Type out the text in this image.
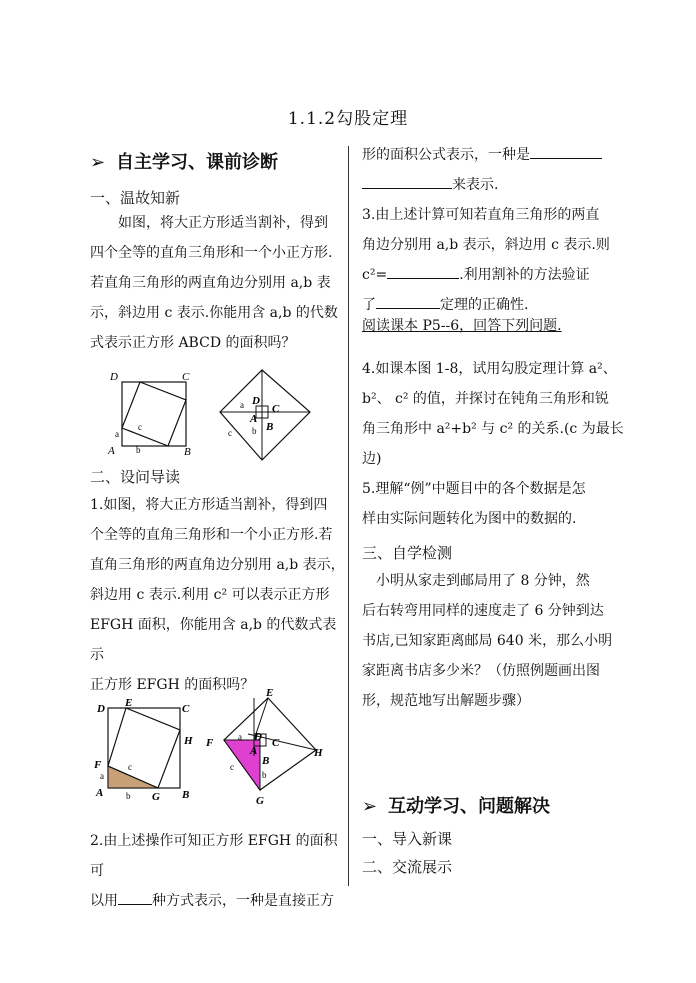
1.1.2勾股定理
➢ 自主学习、课前诊断
一、温故知新
如图，将大正方形适当割补，得到
四个全等的直角三角形和一个小正方形.
若直角三角形的两直角边分别用 a,b 表
示，斜边用 c 表示.你能用含 a,b 的代数
式表示正方形 ABCD 的面积吗？
D	C
A	B
a
b
c
D
C
A
B
a
b
c
二、设问导读
1.如图，将大正方形适当割补，得到四
个全等的直角三角形和一个小正方形.若
直角三角形的两直角边分别用 a,b 表示，
斜边用 c 表示.利用 c² 可以表示正方形
EFGH 面积，你能用含 a,b 的代数式表示
正方形 EFGH 的面积吗？
D E	C
H
F
A	G B
a
b
c
E
F
H
G
D C
A
B
a
c
b
2.由上述操作可知正方形 EFGH 的面积可
以用 种方式表示，一种是直接正方
形的面积公式表示，一种是
来表示.
3.由上述计算可知若直角三角形的两直
角边分别用 a,b 表示，斜边用 c 表示.则
c²=	.利用割补的方法验证
了	定理的正确性.
阅读课本 P5--6，回答下列问题.
4.如课本图 1-8，试用勾股定理计算 a²、
b²、 c² 的值，并探讨在钝角三角形和锐
角三角形中 a²+b² 与 c² 的关系.(c 为最长
边)
5.理解“例”中题目中的各个数据是怎
样由实际问题转化为图中的数据的.
三、自学检测
小明从家走到邮局用了 8 分钟，然
后右转弯用同样的速度走了 6 分钟到达
书店,已知家距离邮局 640 米，那么小明
家距离书店多少米？（仿照例题画出图
形，规范地写出解题步骤）
➢ 互动学习、问题解决
一、导入新课
二、交流展示
